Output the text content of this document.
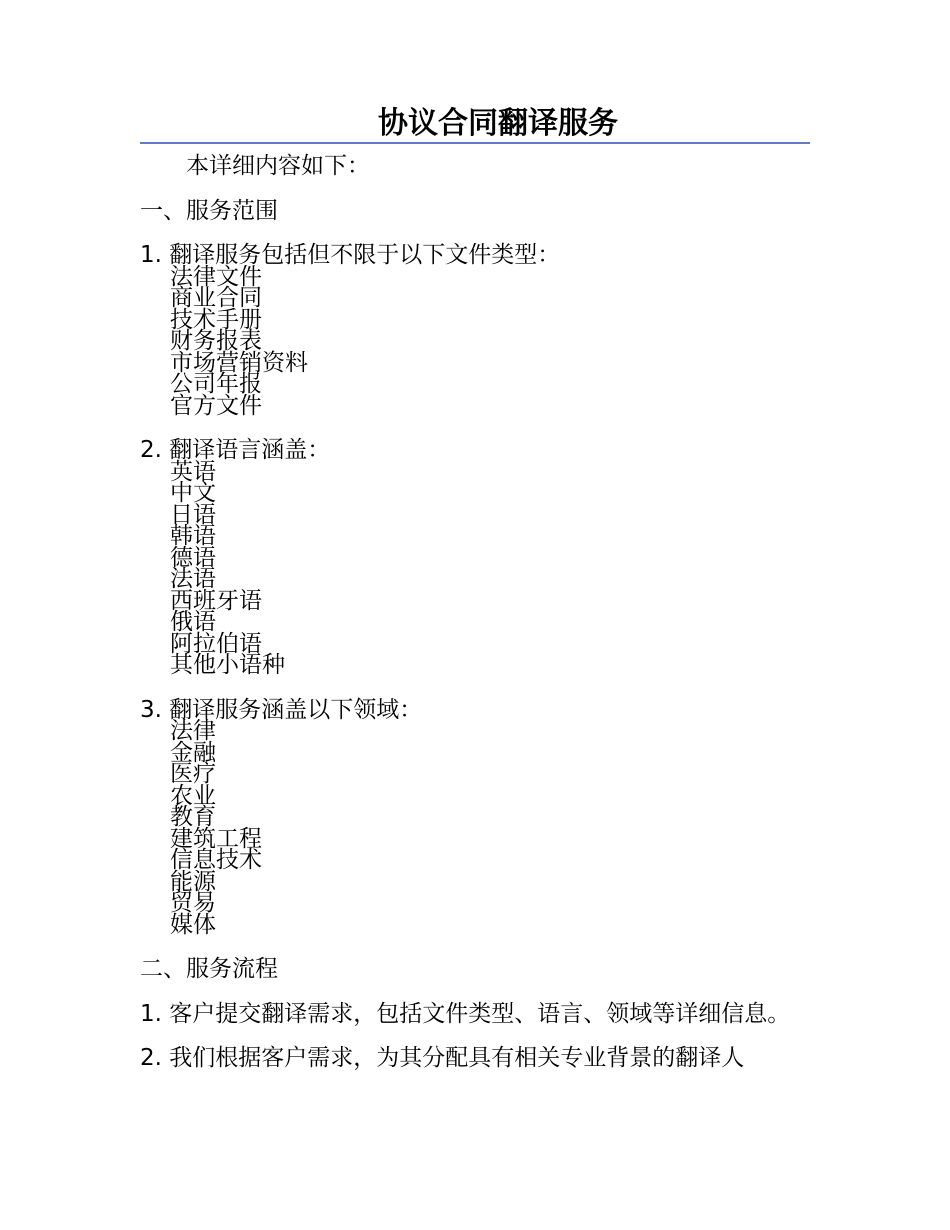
协议合同翻译服务

本详细内容如下：

一、服务范围

1. 翻译服务包括但不限于以下文件类型：

法律文件
商业合同
技术手册
财务报表
市场营销资料
公司年报
官方文件

2. 翻译语言涵盖：

英语
中文
日语
韩语
德语
法语
西班牙语
俄语
阿拉伯语
其他小语种

3. 翻译服务涵盖以下领域：

法律
金融
医疗
农业
教育
建筑工程
信息技术
能源
贸易
媒体

二、服务流程

1. 客户提交翻译需求，包括文件类型、语言、领域等详细信息。

2. 我们根据客户需求，为其分配具有相关专业背景的翻译人
